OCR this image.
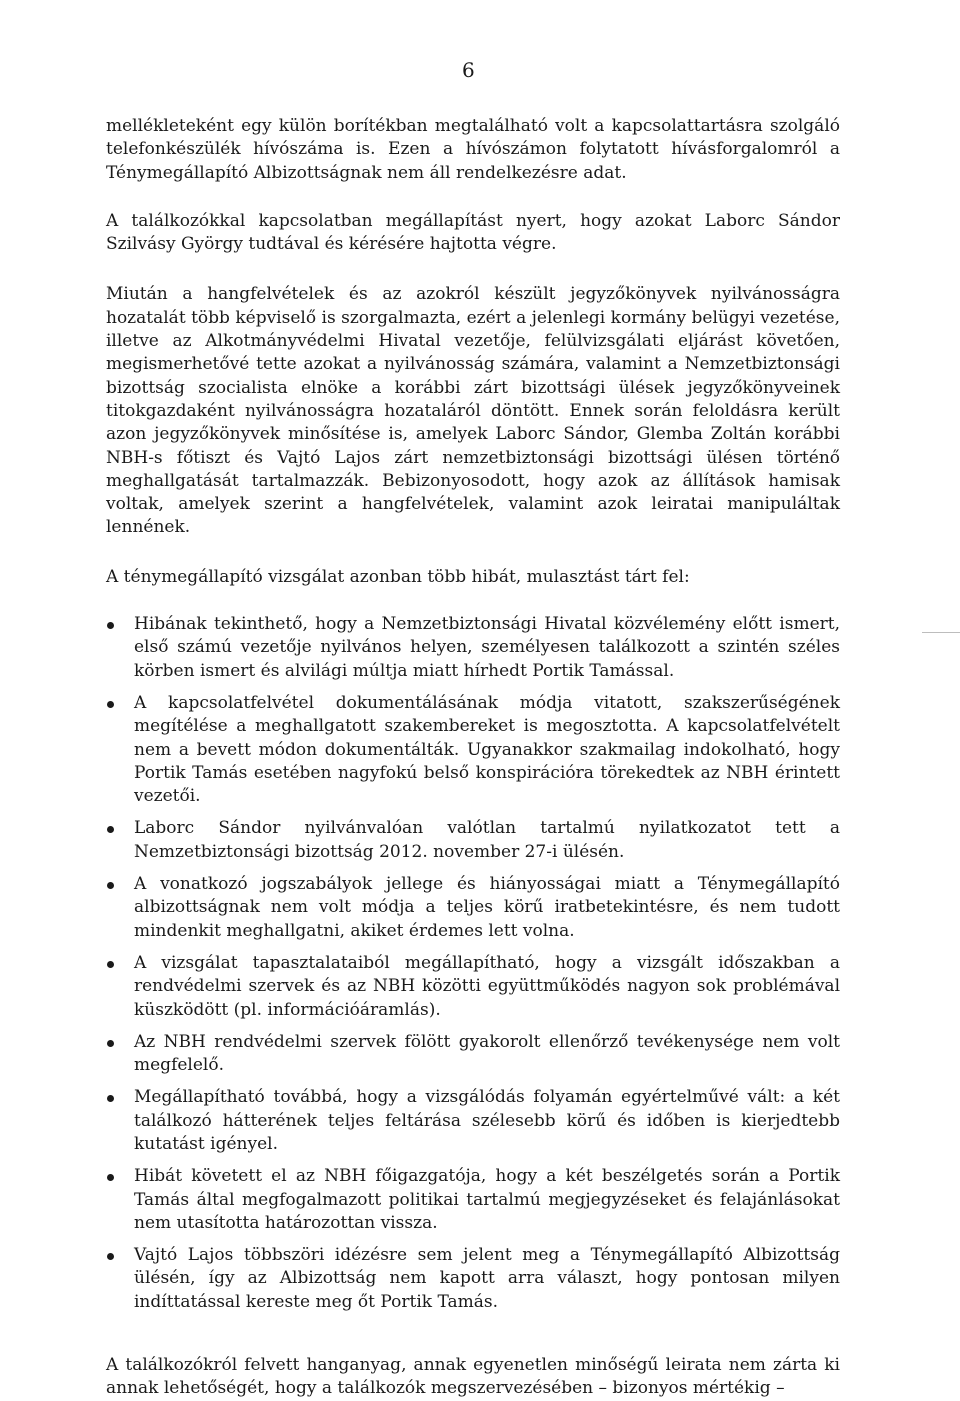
6

mellékleteként egy külön borítékban megtalálható volt a kapcsolattartásra szolgáló telefonkészülék hívószáma is. Ezen a hívószámon folytatott hívásforgalomról a Ténymegállapító Albizottságnak nem áll rendelkezésre adat.

A találkozókkal kapcsolatban megállapítást nyert, hogy azokat Laborc Sándor Szilvásy György tudtával és kérésére hajtotta végre.

Miután a hangfelvételek és az azokról készült jegyzőkönyvek nyilvánosságra hozatalát több képviselő is szorgalmazta, ezért a jelenlegi kormány belügyi vezetése, illetve az Alkotmányvédelmi Hivatal vezetője, felülvizsgálati eljárást követően, megismerhetővé tette azokat a nyilvánosság számára, valamint a Nemzetbiztonsági bizottság szocialista elnöke a korábbi zárt bizottsági ülések jegyzőkönyveinek titokgazdaként nyilvánosságra hozataláról döntött. Ennek során feloldásra került azon jegyzőkönyvek minősítése is, amelyek Laborc Sándor, Glemba Zoltán korábbi NBH-s főtiszt és Vajtó Lajos zárt nemzetbiztonsági bizottsági ülésen történő meghallgatását tartalmazzák. Bebizonyosodott, hogy azok az állítások hamisak voltak, amelyek szerint a hangfelvételek, valamint azok leiratai manipuláltak lennének.

A ténymegállapító vizsgálat azonban több hibát, mulasztást tárt fel:

Hibának tekinthető, hogy a Nemzetbiztonsági Hivatal közvélemény előtt ismert, első számú vezetője nyilvános helyen, személyesen találkozott a szintén széles körben ismert és alvilági múltja miatt hírhedt Portik Tamással.
A kapcsolatfelvétel dokumentálásának módja vitatott, szakszerűségének megítélése a meghallgatott szakembereket is megosztotta. A kapcsolatfelvételt nem a bevett módon dokumentálták. Ugyanakkor szakmailag indokolható, hogy Portik Tamás esetében nagyfokú belső konspirációra törekedtek az NBH érintett vezetői.
Laborc Sándor nyilvánvalóan valótlan tartalmú nyilatkozatot tett a Nemzetbiztonsági bizottság 2012. november 27-i ülésén.
A vonatkozó jogszabályok jellege és hiányosságai miatt a Ténymegállapító albizottságnak nem volt módja a teljes körű iratbetekintésre, és nem tudott mindenkit meghallgatni, akiket érdemes lett volna.
A vizsgálat tapasztalataiból megállapítható, hogy a vizsgált időszakban a rendvédelmi szervek és az NBH közötti együttműködés nagyon sok problémával küszködött (pl. információáramlás).
Az NBH rendvédelmi szervek fölött gyakorolt ellenőrző tevékenysége nem volt megfelelő.
Megállapítható továbbá, hogy a vizsgálódás folyamán egyértelművé vált: a két találkozó hátterének teljes feltárása szélesebb körű és időben is kierjedtebb kutatást igényel.
Hibát követett el az NBH főigazgatója, hogy a két beszélgetés során a Portik Tamás által megfogalmazott politikai tartalmú megjegyzéseket és felajánlásokat nem utasította határozottan vissza.
Vajtó Lajos többszöri idézésre sem jelent meg a Ténymegállapító Albizottság ülésén, így az Albizottság nem kapott arra választ, hogy pontosan milyen indíttatással kereste meg őt Portik Tamás.

A találkozókról felvett hanganyag, annak egyenetlen minőségű leirata nem zárta ki annak lehetőségét, hogy a találkozók megszervezésében – bizonyos mértékig –
